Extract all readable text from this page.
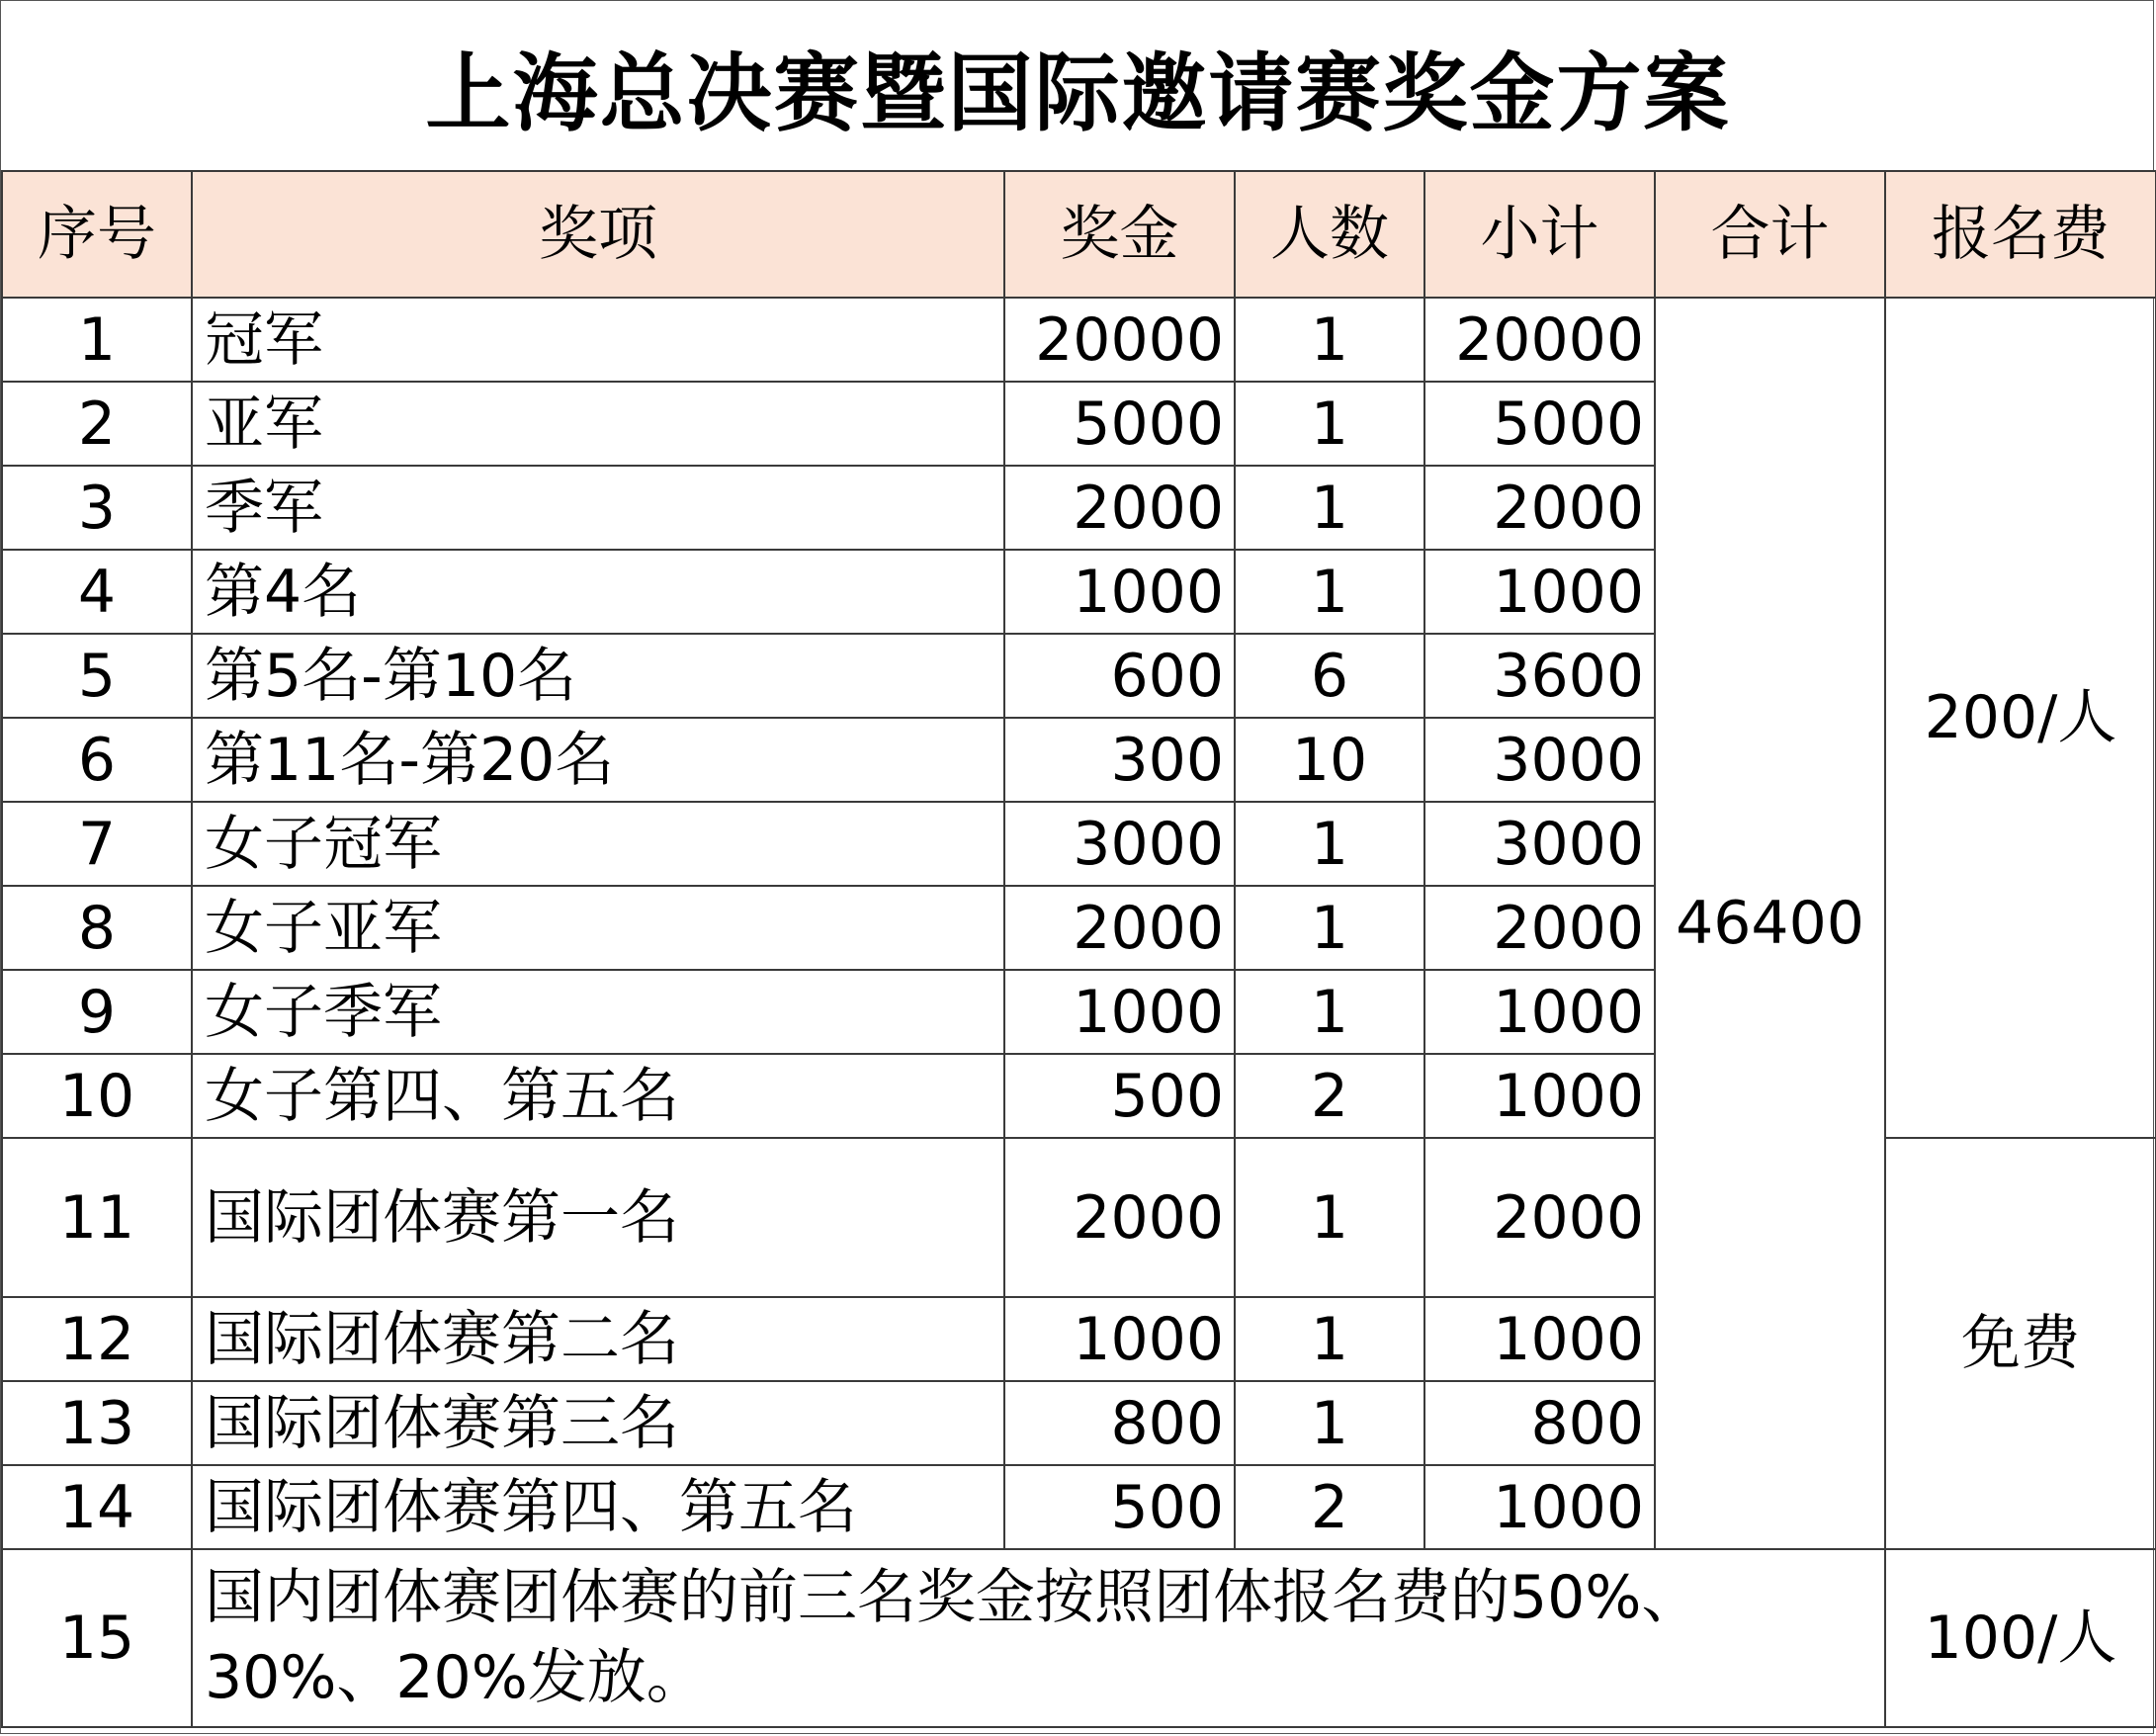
上海总决赛暨国际邀请赛奖金方案
序号	奖项	奖金	人数	小计	合计	报名费
1	冠军	20000	1	20000	46400	200/人
2	亚军	5000	1	5000		
3	季军	2000	1	2000		
4	第4名	1000	1	1000		
5	第5名-第10名	600	6	3600		
6	第11名-第20名	300	10	3000		
7	女子冠军	3000	1	3000		
8	女子亚军	2000	1	2000		
9	女子季军	1000	1	1000		
10	女子第四、第五名	500	2	1000		
11	国际团体赛第一名	2000	1	2000		免费
12	国际团体赛第二名	1000	1	1000		
13	国际团体赛第三名	800	1	800		
14	国际团体赛第四、第五名	500	2	1000		
15	国内团体赛团体赛的前三名奖金按照团体报名费的50%、30%、20%发放。					100/人
